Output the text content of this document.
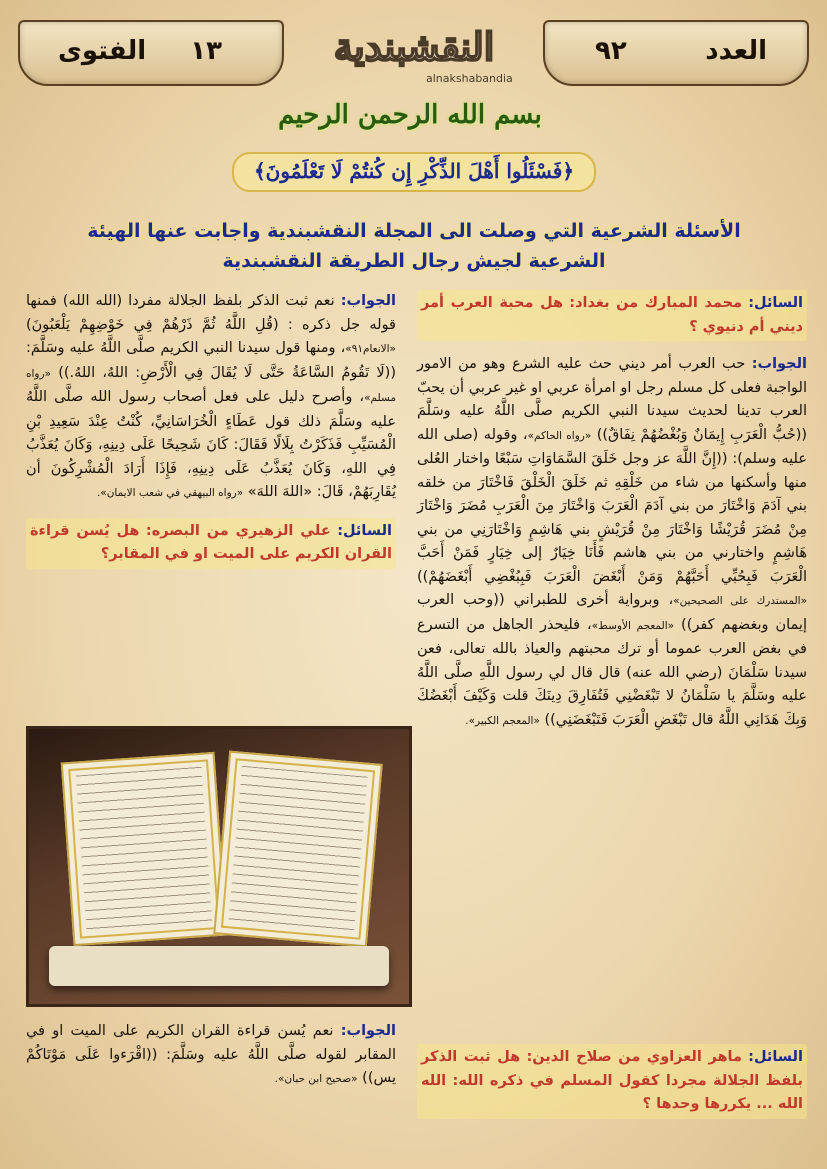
العدد
٩٢
١٣
الفتوى	النقشبندية
alnakshabandia
بسم الله الرحمن الرحيم
﴿فَسْئَلُوا أَهْلَ الذِّكْرِ إِن كُنتُمْ لَا تَعْلَمُونَ﴾
الأسئلة الشرعية التي وصلت الى المجلة النقشبندية واجابت عنها الهيئة الشرعية لجيش رجال الطريقة النقشبندية

السائل: محمد المبارك من بغداد: هل محبة العرب أمر ديني أم دنيوي ؟

الجواب: حب العرب أمر ديني حث عليه الشرع وهو من الامور الواجبة فعلى كل مسلم رجل او امرأة عربي او غير عربي أن يحبّ العرب تدينا لحديث سيدنا النبي الكريم صلَّى اللَّهُ عليه وسَلَّمَ ((حُبُّ الْعَرَبِ إِيمَانٌ وَبُغْضُهُمْ نِفَاقٌ)) «رواه الحاكم»، وقوله (صلى الله عليه وسلم): ((إِنَّ اللَّهَ عز وجل خَلَقَ السَّمَاوَاتِ سَبْعًا واختار العُلى منها وأسكنها من شاء من خَلْقِهِ ثم خَلَقَ الْخَلْقَ فَاخْتَارَ من خلقه بني آدَمَ وَاخْتَارَ من بني آدَمَ الْعَرَبَ وَاخْتَارَ مِنَ الْعَرَبِ مُضَرَ وَاخْتَارَ مِنْ مُضَرَ قُرَيْشًا وَاخْتَارَ مِنْ قُرَيْشٍ بني هَاشِمٍ وَاخْتَارَنِي من بني هَاشِمٍ واختارني من بني هاشم فَأَنَا خِيَارٌ إلى خِيَارٍ فَمَنْ أَحَبَّ الْعَرَبَ فَبِحُبِّي أَحَبَّهُمْ وَمَنْ أَبْغَضَ الْعَرَبَ فَبِبُغْضِي أَبْغَضَهُمْ)) «المستدرك على الصحيحين»، وبرواية أخرى للطبراني ((وحب العرب إيمان وبغضهم كفر)) «المعجم الأوسط»، فليحذر الجاهل من التسرع في بغض العرب عموما أو ترك محبتهم والعياذ بالله تعالى، فعن سيدنا سَلْمَانَ (رضي الله عنه) قال قال لي رسول اللَّهِ صلَّى اللَّهُ عليه وسَلَّمَ يا سَلْمَانُ لا تَبْغَضْنِي فَتُفَارِقَ دِينَكَ قلت وَكَيْفَ أَبْغَضُكَ وَبِكَ هَدَانِي اللَّهُ قال تَبْغَضِ الْعَرَبَ فَتَبْغَضَنِي)) «المعجم الكبير».

الجواب: نعم ثبت الذكر بلفظ الجلالة مفردا (الله الله) فمنها قوله جل ذكره : (قُلِ اللَّهُ ثُمَّ ذَرْهُمْ فِي خَوْضِهِمْ يَلْعَبُونَ) «الانعام٩١»، ومنها قول سيدنا النبي الكريم صلَّى اللَّهُ عليه وسَلَّمَ: ((لَا تَقُومُ السَّاعَةُ حَتَّى لَا يُقَالَ فِي الْأَرْضِ: اللهُ، اللهُ.)) «رواه مسلم»، وأصرح دليل على فعل أصحاب رسول الله صلَّى اللَّهُ عليه وسَلَّمَ ذلك قول عَطَاءٍ الْخُرَاسَانِيِّ، كُنْتُ عِنْدَ سَعِيدِ بْنِ الْمُسَيِّبِ فَذَكَرْتُ بِلَالًا فَقَالَ: كَانَ شَحِيحًا عَلَى دِينِهِ، وَكَانَ يُعَذَّبُ فِي اللهِ، وَكَانَ يُعَذَّبُ عَلَى دِينِهِ، فَإِذَا أَرَادَ الْمُشْرِكُونَ أن يُقَارِبَهُمْ، قَالَ: «اللهَ اللهَ» «رواه البيهقي في شعب الايمان».

السائل: علي الزهيري من البصره: هل يُسن قراءة القران الكريم على الميت او في المقابر؟

الجواب: نعم يُسن قراءة القران الكريم على الميت او في المقابر لقوله صلَّى اللَّهُ عليه وسَلَّمَ: ((اقْرَءوا عَلَى مَوْتَاكُمْ يس)) «صحيح ابن حبان».

السائل: ماهر العزاوي من صلاح الدين: هل ثبت الذكر بلفظ الجلالة مجردا كقول المسلم في ذكره الله: الله الله ... يكررها وحدها ؟
